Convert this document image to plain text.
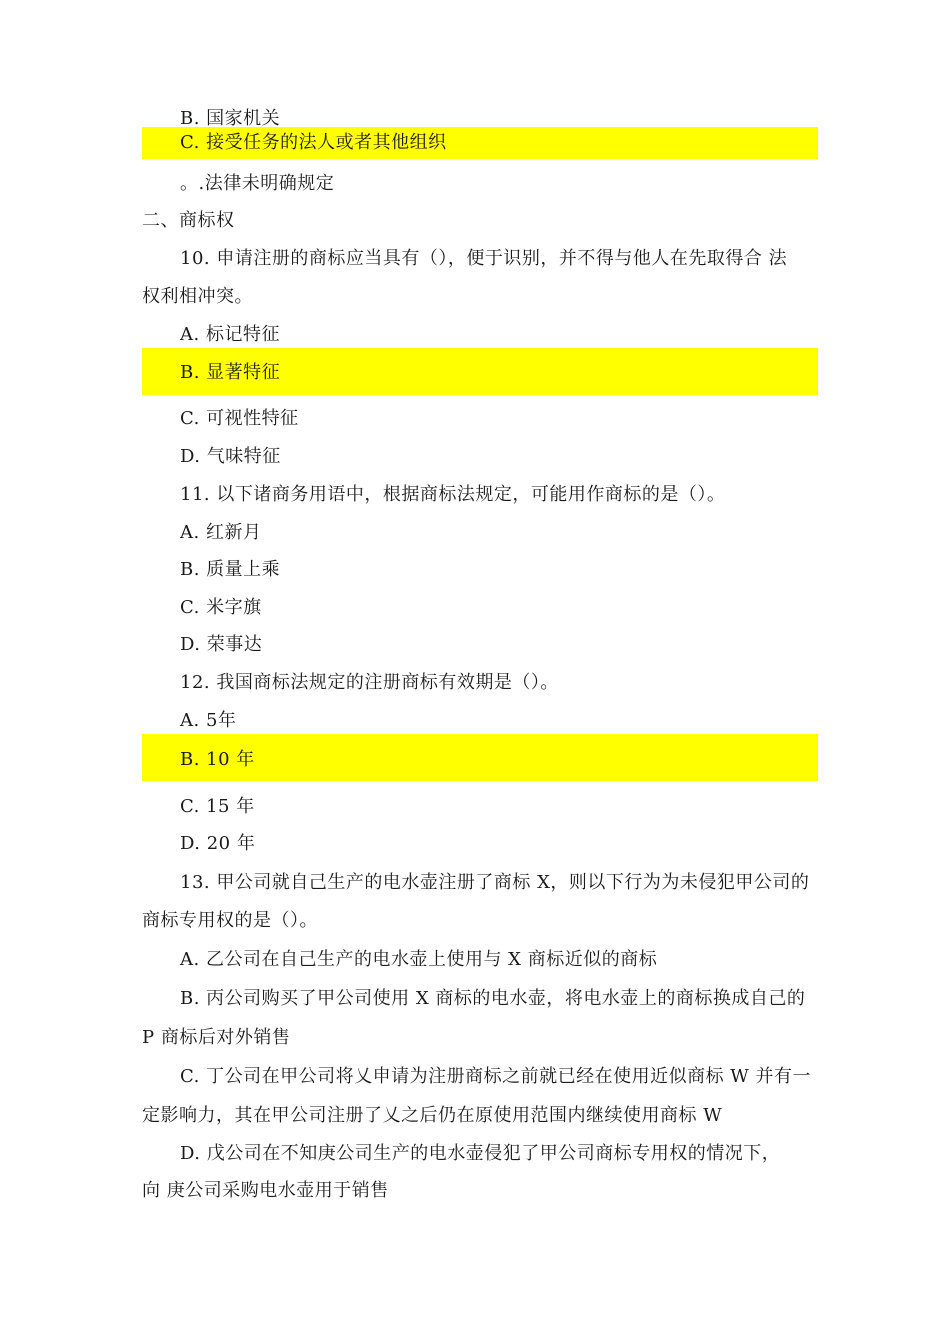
B. 国家机关
C. 接受任务的法人或者其他组织
。.法律未明确规定
二、商标权
10. 申请注册的商标应当具有（），便于识别，并不得与他人在先取得合 法
权利相冲突。
A. 标记特征
B. 显著特征
C. 可视性特征
D. 气味特征
11. 以下诸商务用语中，根据商标法规定，可能用作商标的是（）。
A. 红新月
B. 质量上乘
C. 米字旗
D. 荣事达
12. 我国商标法规定的注册商标有效期是（）。
A. 5年
B. 10 年
C. 15 年
D. 20 年
13. 甲公司就自己生产的电水壶注册了商标 X，则以下行为为未侵犯甲公司的
商标专用权的是（）。
A. 乙公司在自己生产的电水壶上使用与 X 商标近似的商标
B. 丙公司购买了甲公司使用 X 商标的电水壶，将电水壶上的商标换成自己的
P 商标后对外销售
C. 丁公司在甲公司将乂申请为注册商标之前就已经在使用近似商标 W 并有一
定影响力，其在甲公司注册了乂之后仍在原使用范围内继续使用商标 W
D. 戊公司在不知庚公司生产的电水壶侵犯了甲公司商标专用权的情况下，
向 庚公司采购电水壶用于销售
